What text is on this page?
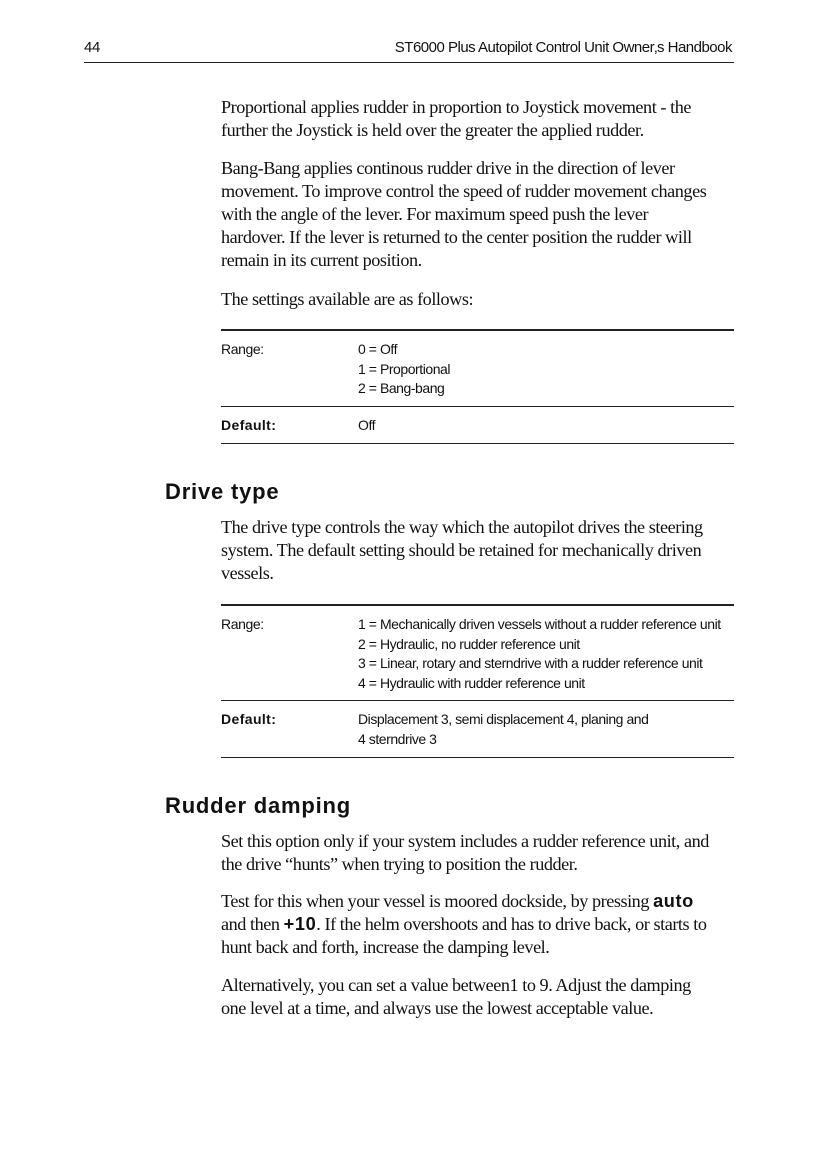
44	ST6000 Plus Autopilot Control Unit Owner‚s Handbook
Proportional applies rudder in proportion to Joystick movement - the
further the Joystick is held over the greater the applied rudder.
Bang-Bang applies continous rudder drive in the direction of lever
movement. To improve control the speed of rudder movement changes
with the angle of the lever. For maximum speed push the lever
hardover. If the lever is returned to the center position the rudder will
remain in its current position.
The settings available are as follows:
Range:	0 = Off
1 = Proportional
2 = Bang-bang
Default:	Off
Drive type
The drive type controls the way which the autopilot drives the steering
system. The default setting should be retained for mechanically driven
vessels.
Range:	1 = Mechanically driven vessels without a rudder reference unit
2 = Hydraulic, no rudder reference unit
3 = Linear, rotary and sterndrive with a rudder reference unit
4 = Hydraulic with rudder reference unit
Default:	Displacement 3, semi displacement 4, planing and
4 sterndrive 3
Rudder damping
Set this option only if your system includes a rudder reference unit, and
the drive “hunts” when trying to position the rudder.
Test for this when your vessel is moored dockside, by pressing auto
and then +10. If the helm overshoots and has to drive back, or starts to
hunt back and forth, increase the damping level.
Alternatively, you can set a value between1 to 9. Adjust the damping
one level at a time, and always use the lowest acceptable value.
